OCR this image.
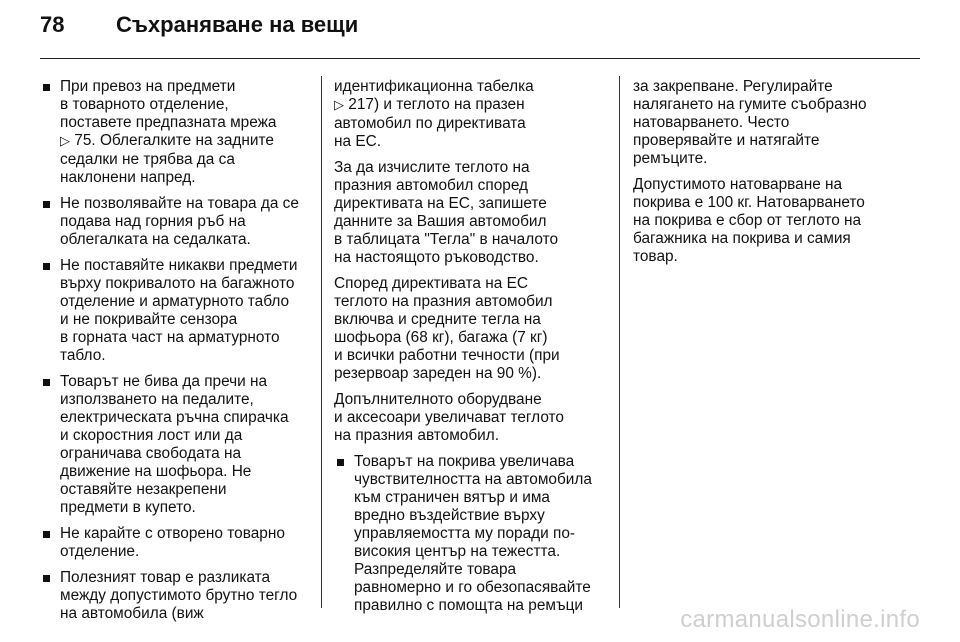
78	Съхраняване на вещи
При превоз на предмети
в товарното отделение,
поставете предпазната мрежа
▷ 75. Облегалките на задните
седалки не трябва да са
наклонени напред.
Не позволявайте на товара да се
подава над горния ръб на
облегалката на седалката.
Не поставяйте никакви предмети
върху покривалото на багажното
отделение и арматурното табло
и не покривайте сензора
в горната част на арматурното
табло.
Товарът не бива да пречи на
използването на педалите,
електрическата ръчна спирачка
и скоростния лост или да
ограничава свободата на
движение на шофьора. Не
оставяйте незакрепени
предмети в купето.
Не карайте с отворено товарно
отделение.
Полезният товар е разликата
между допустимото брутно тегло
на автомобила (виж
идентификационна табелка
▷ 217) и теглото на празен
автомобил по директивата
на ЕС.
За да изчислите теглото на
празния автомобил според
директивата на ЕС, запишете
данните за Вашия автомобил
в таблицата "Тегла" в началото
на настоящото ръководство.
Според директивата на ЕС
теглото на празния автомобил
включва и средните тегла на
шофьора (68 кг), багажа (7 кг)
и всички работни течности (при
резервоар зареден на 90 %).
Допълнителното оборудване
и аксесоари увеличават теглото
на празния автомобил.
Товарът на покрива увеличава
чувствителността на автомобила
към страничен вятър и има
вредно въздействие върху
управляемостта му поради по-
високия център на тежестта.
Разпределяйте товара
равномерно и го обезопасявайте
правилно с помощта на ремъци
за закрепване. Регулирайте
налягането на гумите съобразно
натоварването. Често
проверявайте и натягайте
ремъците.
Допустимото натоварване на
покрива е 100 кг. Натоварването
на покрива е сбор от теглото на
багажника на покрива и самия
товар.
carmanualsonline.info
